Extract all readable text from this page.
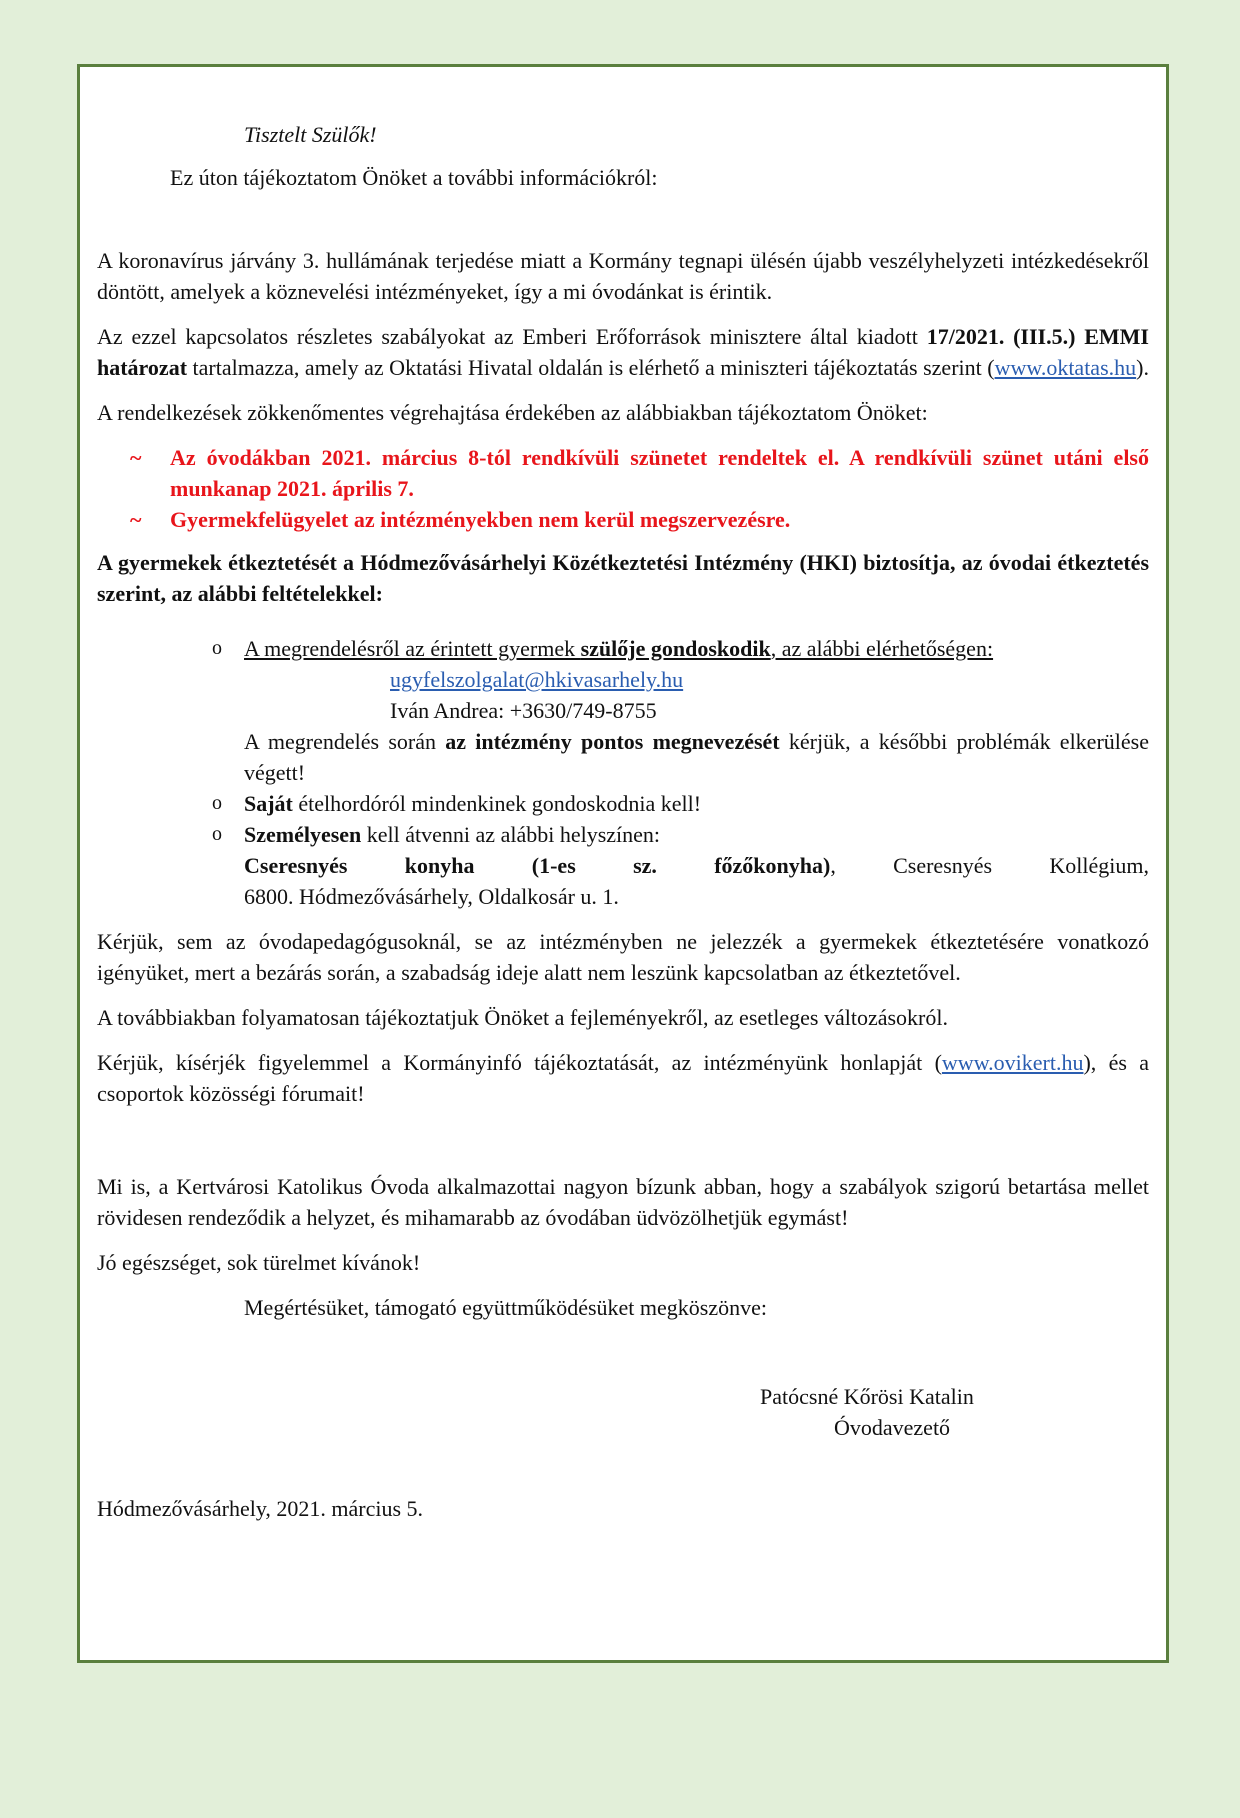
Tisztelt Szülők!
Ez úton tájékoztatom Önöket a további információkról:

A koronavírus járvány 3. hullámának terjedése miatt a Kormány tegnapi ülésén újabb veszélyhelyzeti intézkedésekről döntött, amelyek a köznevelési intézményeket, így a mi óvodánkat is érintik.

Az ezzel kapcsolatos részletes szabályokat az Emberi Erőforrások minisztere által kiadott 17/2021. (III.5.) EMMI határozat tartalmazza, amely az Oktatási Hivatal oldalán is elérhető a miniszteri tájékoztatás szerint (www.oktatas.hu).

A rendelkezések zökkenőmentes végrehajtása érdekében az alábbiakban tájékoztatom Önöket:

~ Az óvodákban 2021. március 8-tól rendkívüli szünetet rendeltek el. A rendkívüli szünet utáni első munkanap 2021. április 7.
~ Gyermekfelügyelet az intézményekben nem kerül megszervezésre.

A gyermekek étkeztetését a Hódmezővásárhelyi Közétkeztetési Intézmény (HKI) biztosítja, az óvodai étkeztetés szerint, az alábbi feltételekkel:

o A megrendelésről az érintett gyermek szülője gondoskodik, az alábbi elérhetőségen:
ugyfelszolgalat@hkivasarhely.hu
Iván Andrea: +3630/749-8755
A megrendelés során az intézmény pontos megnevezését kérjük, a későbbi problémák elkerülése végett!
o Saját ételhordóról mindenkinek gondoskodnia kell!
o Személyesen kell átvenni az alábbi helyszínen:
Cseresnyés	konyha	(1-es	sz.	főzőkonyha),	Cseresnyés	Kollégium,
6800. Hódmezővásárhely, Oldalkosár u. 1.

Kérjük, sem az óvodapedagógusoknál, se az intézményben ne jelezzék a gyermekek étkeztetésére vonatkozó igényüket, mert a bezárás során, a szabadság ideje alatt nem leszünk kapcsolatban az étkeztetővel.

A továbbiakban folyamatosan tájékoztatjuk Önöket a fejleményekről, az esetleges változásokról.

Kérjük, kísérjék figyelemmel a Kormányinfó tájékoztatását, az intézményünk honlapját (www.ovikert.hu), és a csoportok közösségi fórumait!

Mi is, a Kertvárosi Katolikus Óvoda alkalmazottai nagyon bízunk abban, hogy a szabályok szigorú betartása mellet rövidesen rendeződik a helyzet, és mihamarabb az óvodában üdvözölhetjük egymást!

Jó egészséget, sok türelmet kívánok!

Megértésüket, támogató együttműködésüket megköszönve:
Patócsné Kőrösi Katalin
Óvodavezető
Hódmezővásárhely, 2021. március 5.
